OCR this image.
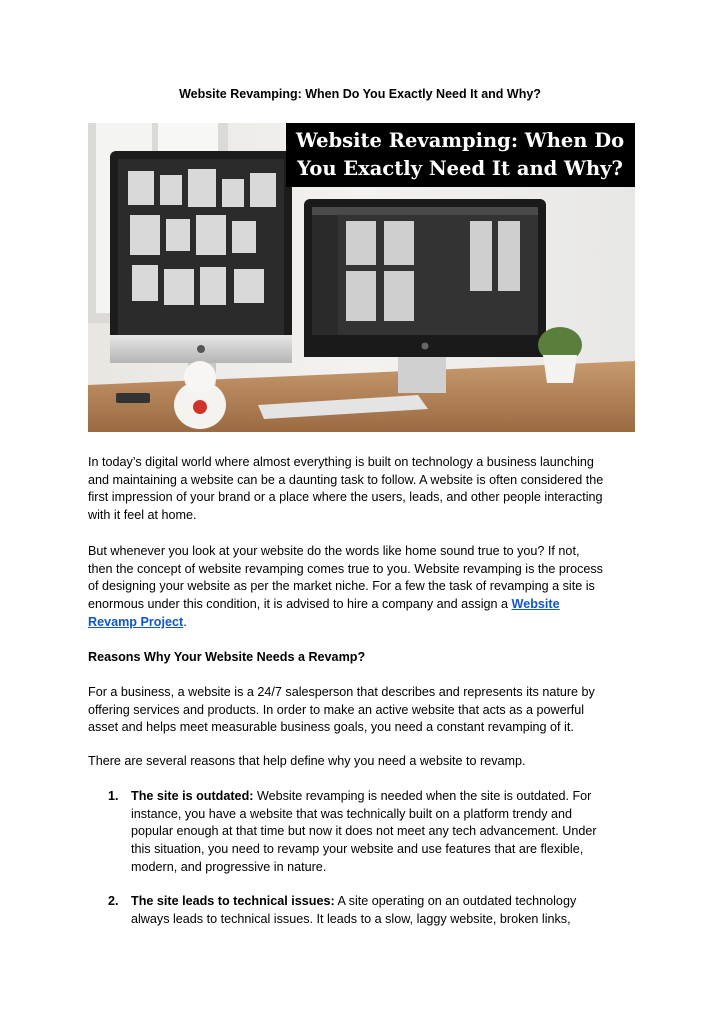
Website Revamping: When Do You Exactly Need It and Why?
Website Revamping: When Do
You Exactly Need It and Why?
In today’s digital world where almost everything is built on technology a business launching
and maintaining a website can be a daunting task to follow. A website is often considered the
first impression of your brand or a place where the users, leads, and other people interacting
with it feel at home.
But whenever you look at your website do the words like home sound true to you? If not,
then the concept of website revamping comes true to you. Website revamping is the process
of designing your website as per the market niche. For a few the task of revamping a site is
enormous under this condition, it is advised to hire a company and assign a Website
Revamp Project.
Reasons Why Your Website Needs a Revamp?
For a business, a website is a 24/7 salesperson that describes and represents its nature by
offering services and products. In order to make an active website that acts as a powerful
asset and helps meet measurable business goals, you need a constant revamping of it.
There are several reasons that help define why you need a website to revamp.
1. The site is outdated: Website revamping is needed when the site is outdated. For
instance, you have a website that was technically built on a platform trendy and
popular enough at that time but now it does not meet any tech advancement. Under
this situation, you need to revamp your website and use features that are flexible,
modern, and progressive in nature.
2. The site leads to technical issues: A site operating on an outdated technology
always leads to technical issues. It leads to a slow, laggy website, broken links,
